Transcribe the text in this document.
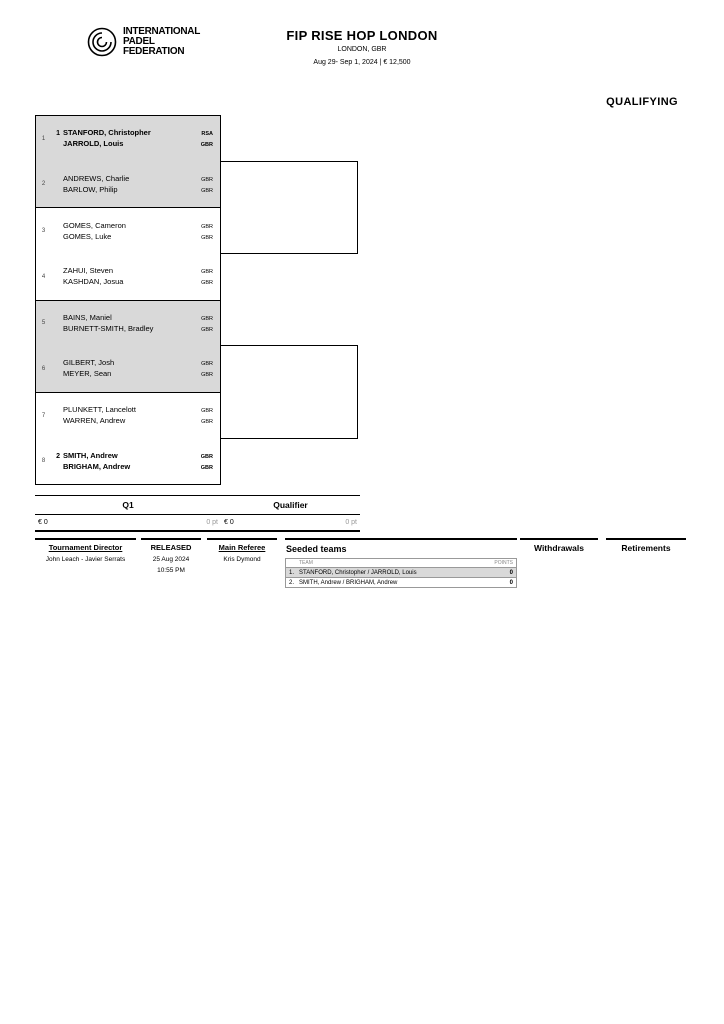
INTERNATIONAL
PADEL
FEDERATION
FIP RISE HOP LONDON
LONDON, GBR
Aug 29- Sep 1, 2024 | € 12,500
QUALIFYING
1
1 STANFORD, Christopher	RSA
JARROLD, Louis	GBR
2
ANDREWS, Charlie	GBR
BARLOW, Philip	GBR
3
GOMES, Cameron	GBR
GOMES, Luke	GBR
4
ZAHUI, Steven	GBR
KASHDAN, Josua	GBR
5
BAINS, Maniel	GBR
BURNETT-SMITH, Bradley	GBR
6
GILBERT, Josh	GBR
MEYER, Sean	GBR
7
PLUNKETT, Lancelott	GBR
WARREN, Andrew	GBR
8
2 SMITH, Andrew	GBR
BRIGHAM, Andrew	GBR
Q1	Qualifier
€ 0	0 pt € 0	0 pt
Tournament Director
John Leach - Javier Serrats
RELEASED
25 Aug 2024
10:55 PM
Main Referee
Kris Dymond
Seeded teams
TEAM	POINTS
1. STANFORD, Christopher / JARROLD, Louis	0
2. SMITH, Andrew / BRIGHAM, Andrew	0
Withdrawals	Retirements
